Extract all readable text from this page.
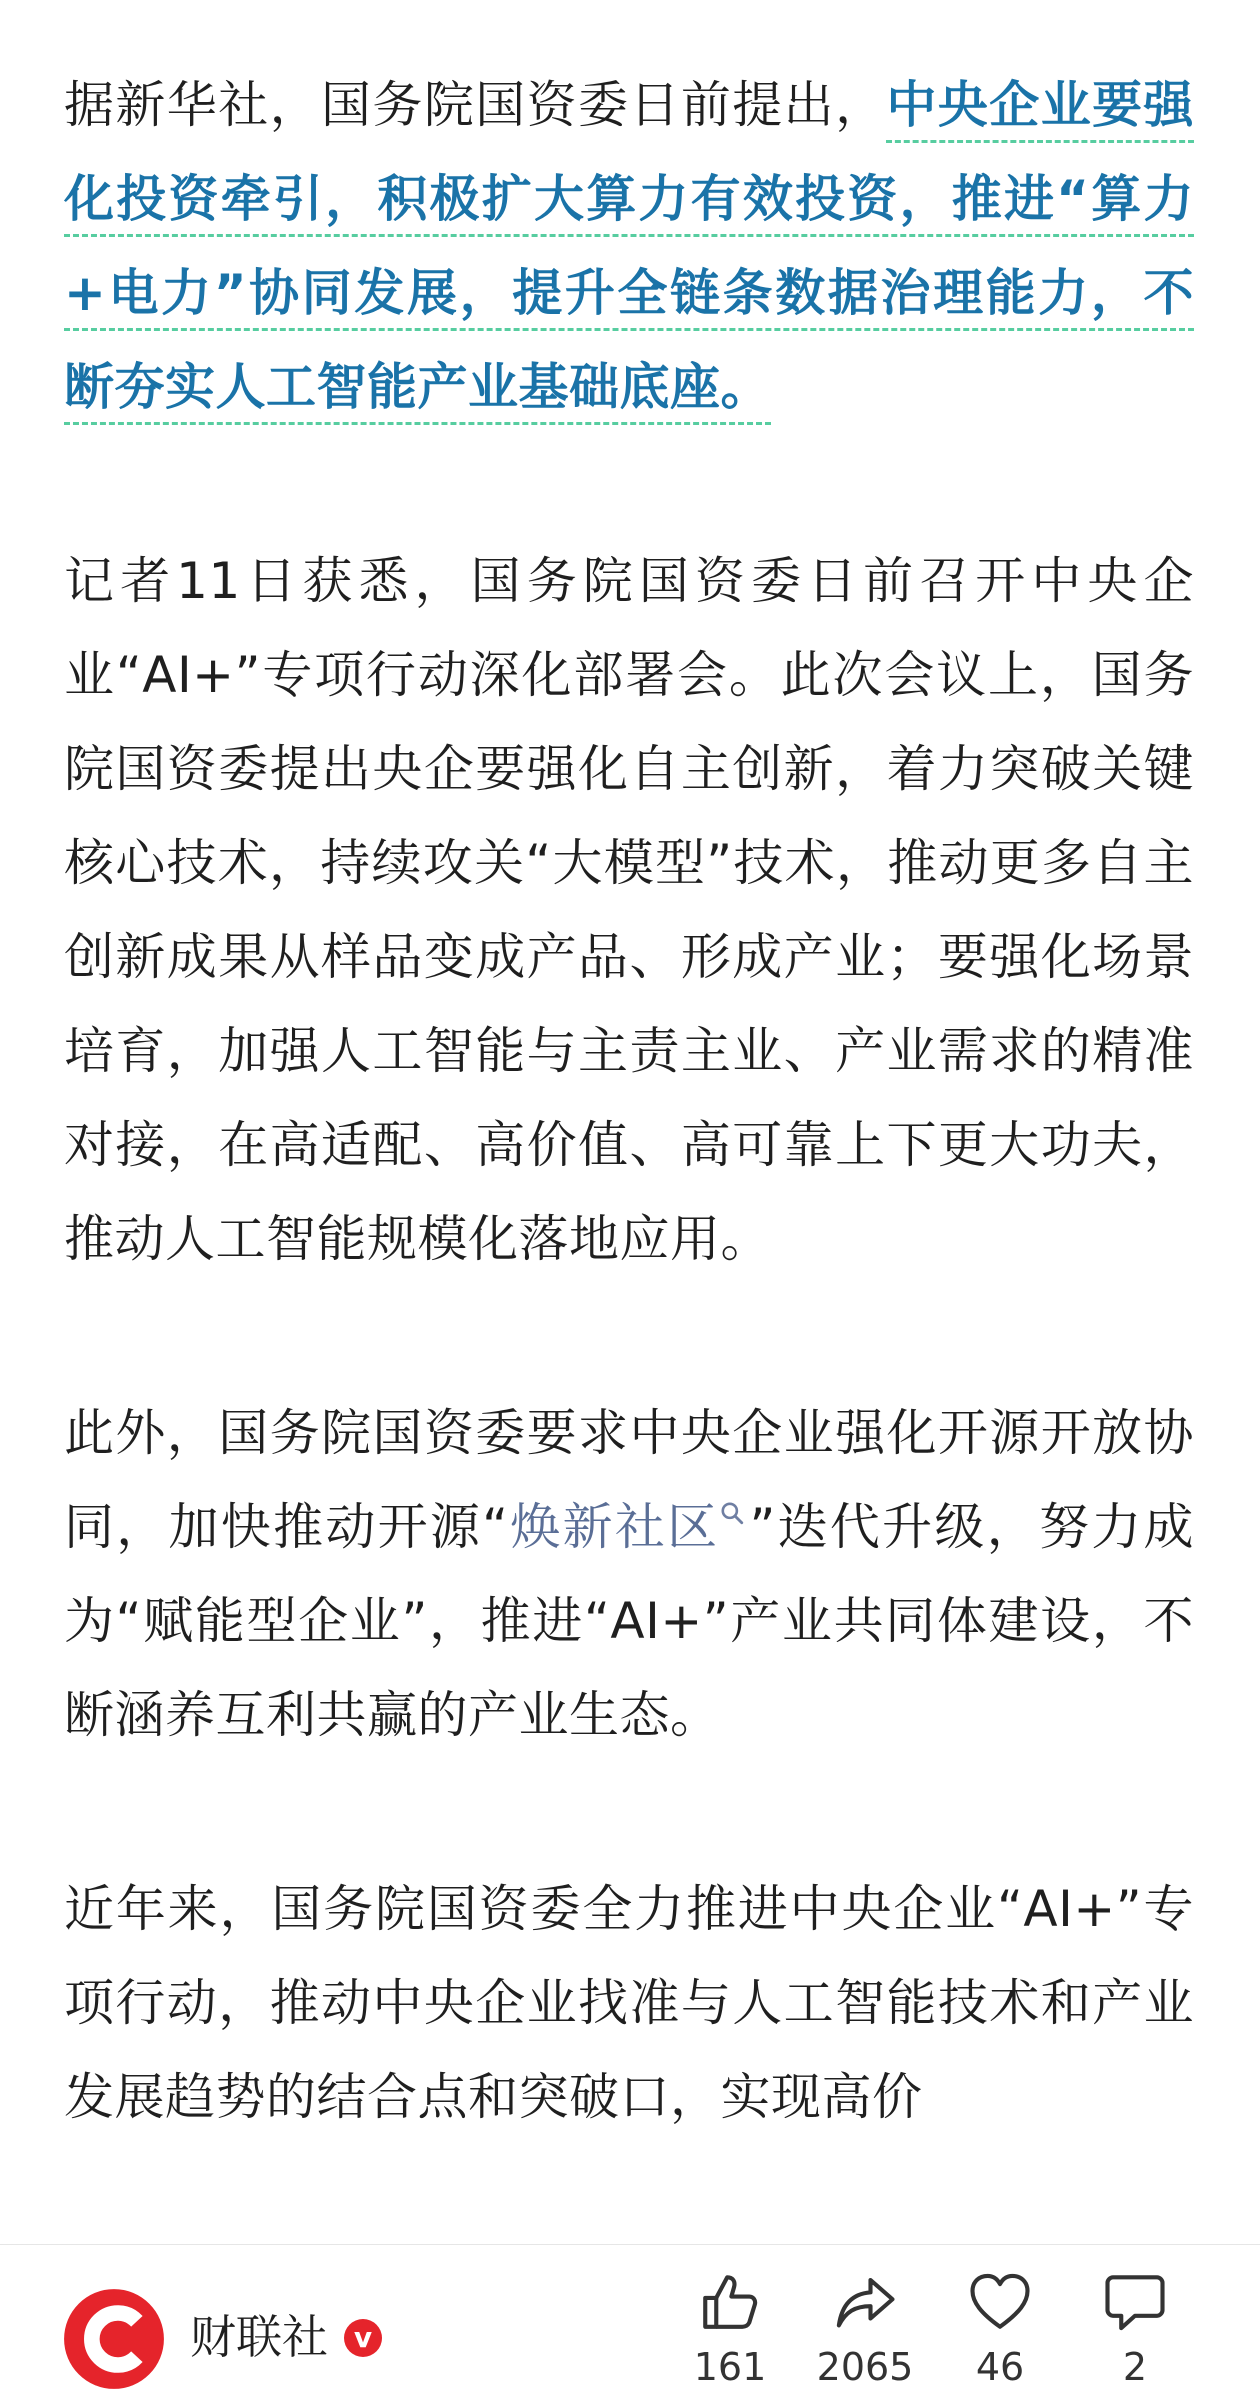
据新华社，国务院国资委日前提出，中央企业要强化投资牵引，积极扩大算力有效投资，推进“算力+电力”协同发展，提升全链条数据治理能力，不断夯实人工智能产业基础底座。

记者11日获悉，国务院国资委日前召开中央企业“AI+”专项行动深化部署会。此次会议上，国务院国资委提出央企要强化自主创新，着力突破关键核心技术，持续攻关“大模型”技术，推动更多自主创新成果从样品变成产品、形成产业；要强化场景培育，加强人工智能与主责主业、产业需求的精准对接，在高适配、高价值、高可靠上下更大功夫，推动人工智能规模化落地应用。

此外，国务院国资委要求中央企业强化开源开放协同，加快推动开源“焕新社区 ”迭代升级，努力成为“赋能型企业”，推进“AI+”产业共同体建设，不断涵养互利共赢的产业生态。

近年来，国务院国资委全力推进中央企业“AI+”专项行动，推动中央企业找准与人工智能技术和产业发展趋势的结合点和突破口，实现高价

财联社 v
161	2065	46	2
